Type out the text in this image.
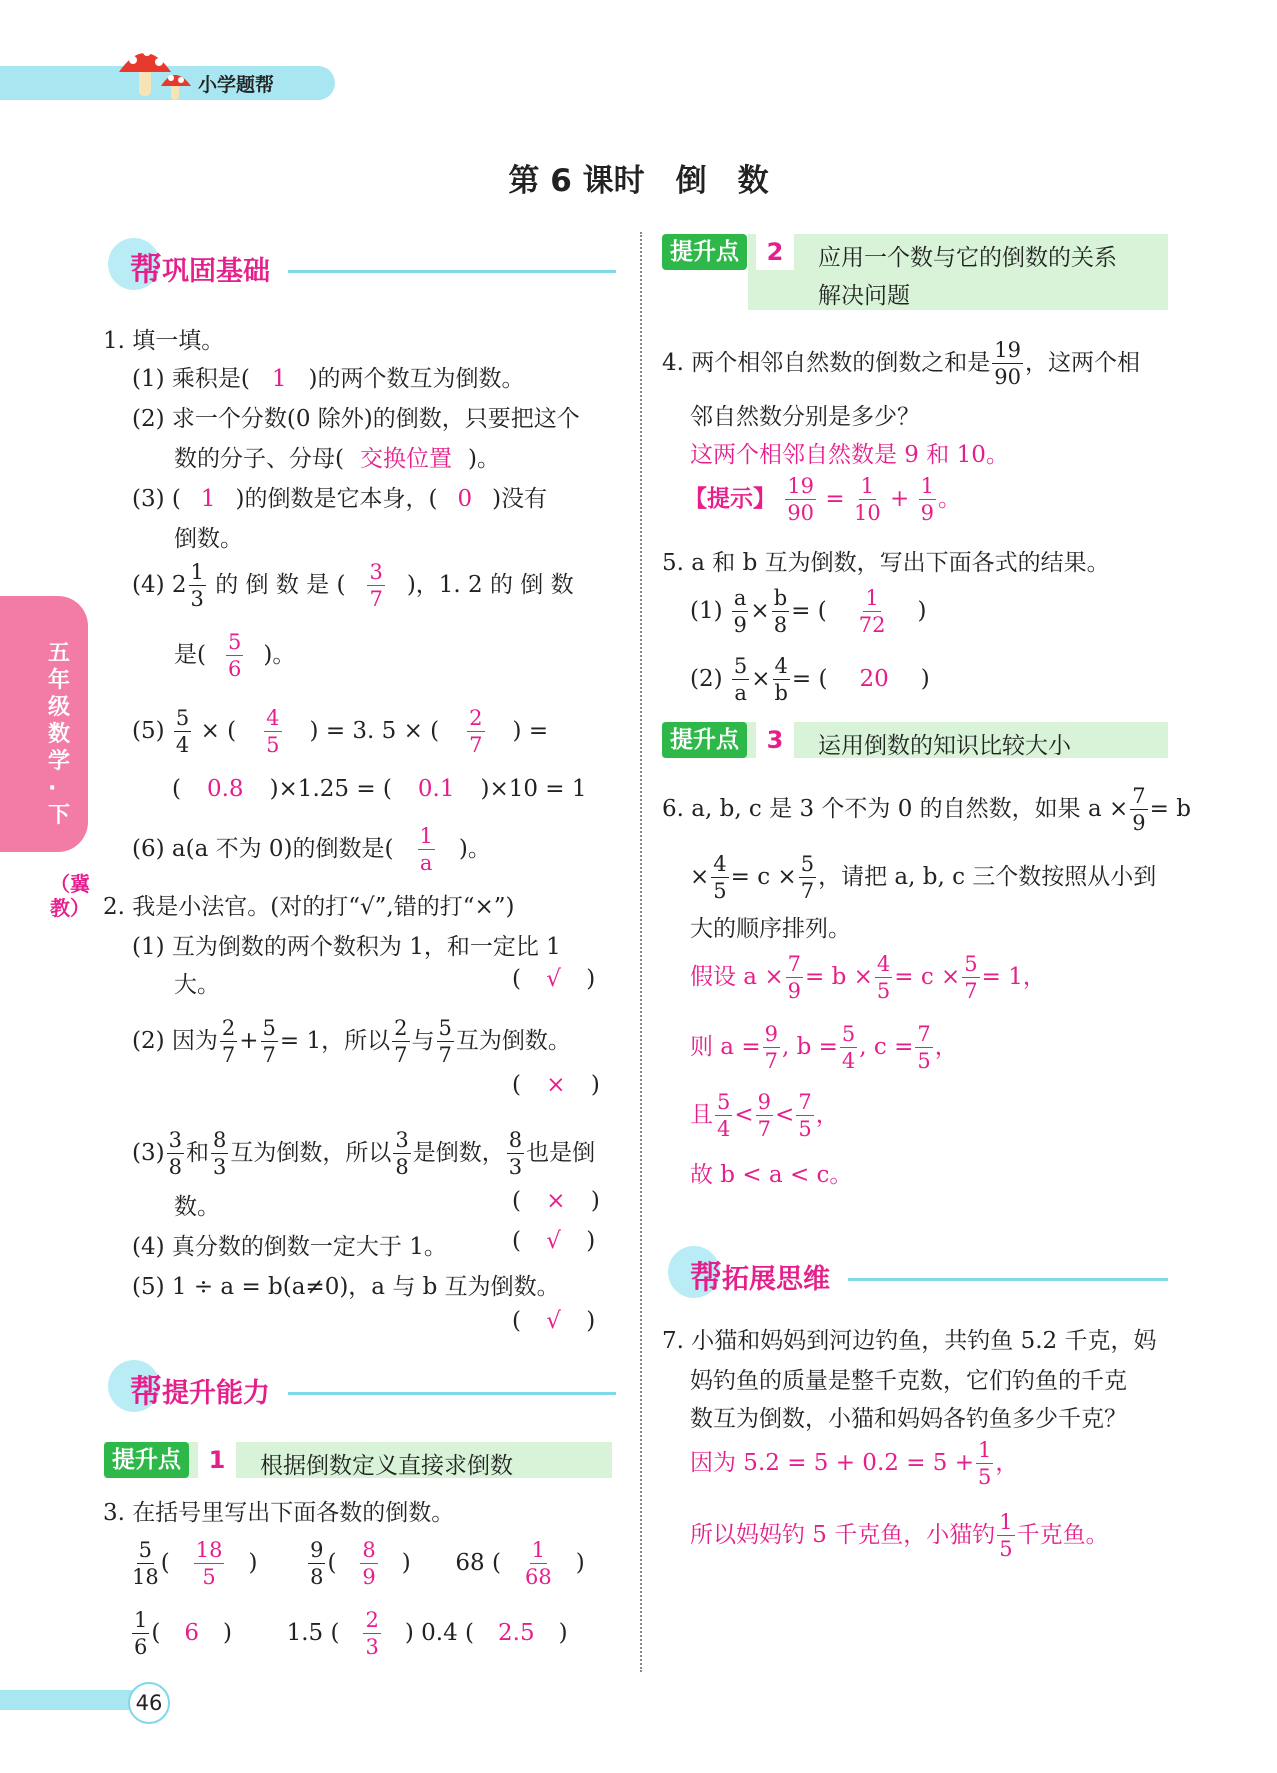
小学题帮
第 6 课时　倒　数
五年级数学·下
（冀教）
46
帮巩固基础
1. 填一填。
(1) 乘积是( 1 )的两个数互为倒数。
(2) 求一个分数(0 除外)的倒数，只要把这个
数的分子、分母( 交换位置 )。
(3) ( 1 )的倒数是它本身，( 0 )没有
倒数。
(4) $2 \frac{1}{3}$ 的 倒 数 是 ( $\frac{3}{7}$ )，1. 2 的 倒 数
是( $\frac{5}{6}$ )。
$(5) \frac{5}{4}$ × ( $\frac{4}{5}$ ) = 3. 5 × ( $\frac{2}{7}$ ) =
( 0.8 )×1.25 = ( 0.1 )×10 = 1
(6) a(a 不为 0)的倒数是( $\frac{1}{a}$ )。
2. 我是小法官。(对的打“√”,错的打“×”)
(1) 互为倒数的两个数积为 1，和一定比 1
大。	( √ )
(2) 因为 $\frac{2}{7} + \frac{5}{7} = 1$，所以 $\frac{2}{7}$ 与 $\frac{5}{7}$ 互为倒数。
( × )
$(3) \frac{3}{8}$ 和 $\frac{8}{3}$ 互为倒数，所以 $\frac{3}{8}$ 是倒数， $\frac{8}{3}$ 也是倒
数。	( × )
(4) 真分数的倒数一定大于 1。	( √ )
(5) 1 ÷ a = b(a≠0)，a 与 b 互为倒数。
( √ )
帮提升能力
提升点	1	根据倒数定义直接求倒数
3. 在括号里写出下面各数的倒数。
$\frac{5}{18}$ ( $\frac{18}{5}$ ) $\frac{9}{8}$ ( $\frac{8}{9}$ )  68 ( $\frac{1}{68}$ )
$\frac{1}{6}$ ( 6 )  1.5 ( $\frac{2}{3}$ ) 0.4 ( 2.5 )
提升点	2	应用一个数与它的倒数的关系
解决问题
4. 两个相邻自然数的倒数之和是 $\frac{19}{90}$ ，这两个相
邻自然数分别是多少？
这两个相邻自然数是 9 和 10。
【提示】 $\frac{19}{90} = \frac{1}{10} + \frac{1}{9}$ 。
5. a 和 b 互为倒数，写出下面各式的结果。
$(1) \frac{a}{9} \times \frac{b}{8}$ = ( $\frac{1}{72}$ )
$(2) \frac{5}{a} \times \frac{4}{b}$ = ( 20 )
提升点	3	运用倒数的知识比较大小
6. a, b, c 是 3 个不为 0 的自然数，如果 $a \times \frac{7}{9} = b$
× $\frac{4}{5} = c \times \frac{5}{7}$ ，请把 a, b, c 三个数按照从小到
大的顺序排列。
假设 $a \times \frac{7}{9} = b \times \frac{4}{5} = c \times \frac{5}{7} = 1$，
则 $a = \frac{9}{7}$ , $b = \frac{5}{4}$ , $c = \frac{7}{5}$ ，
且 $\frac{5}{4} < \frac{9}{7} < \frac{7}{5}$ ，
故 b < a < c。
帮拓展思维
7. 小猫和妈妈到河边钓鱼，共钓鱼 5.2 千克，妈
妈钓鱼的质量是整千克数，它们钓鱼的千克
数互为倒数，小猫和妈妈各钓鱼多少千克？
因为 $5.2 = 5 + 0.2 = 5 + \frac{1}{5}$ ，
所以妈妈钓 5 千克鱼，小猫钓 $\frac{1}{5}$ 千克鱼。
